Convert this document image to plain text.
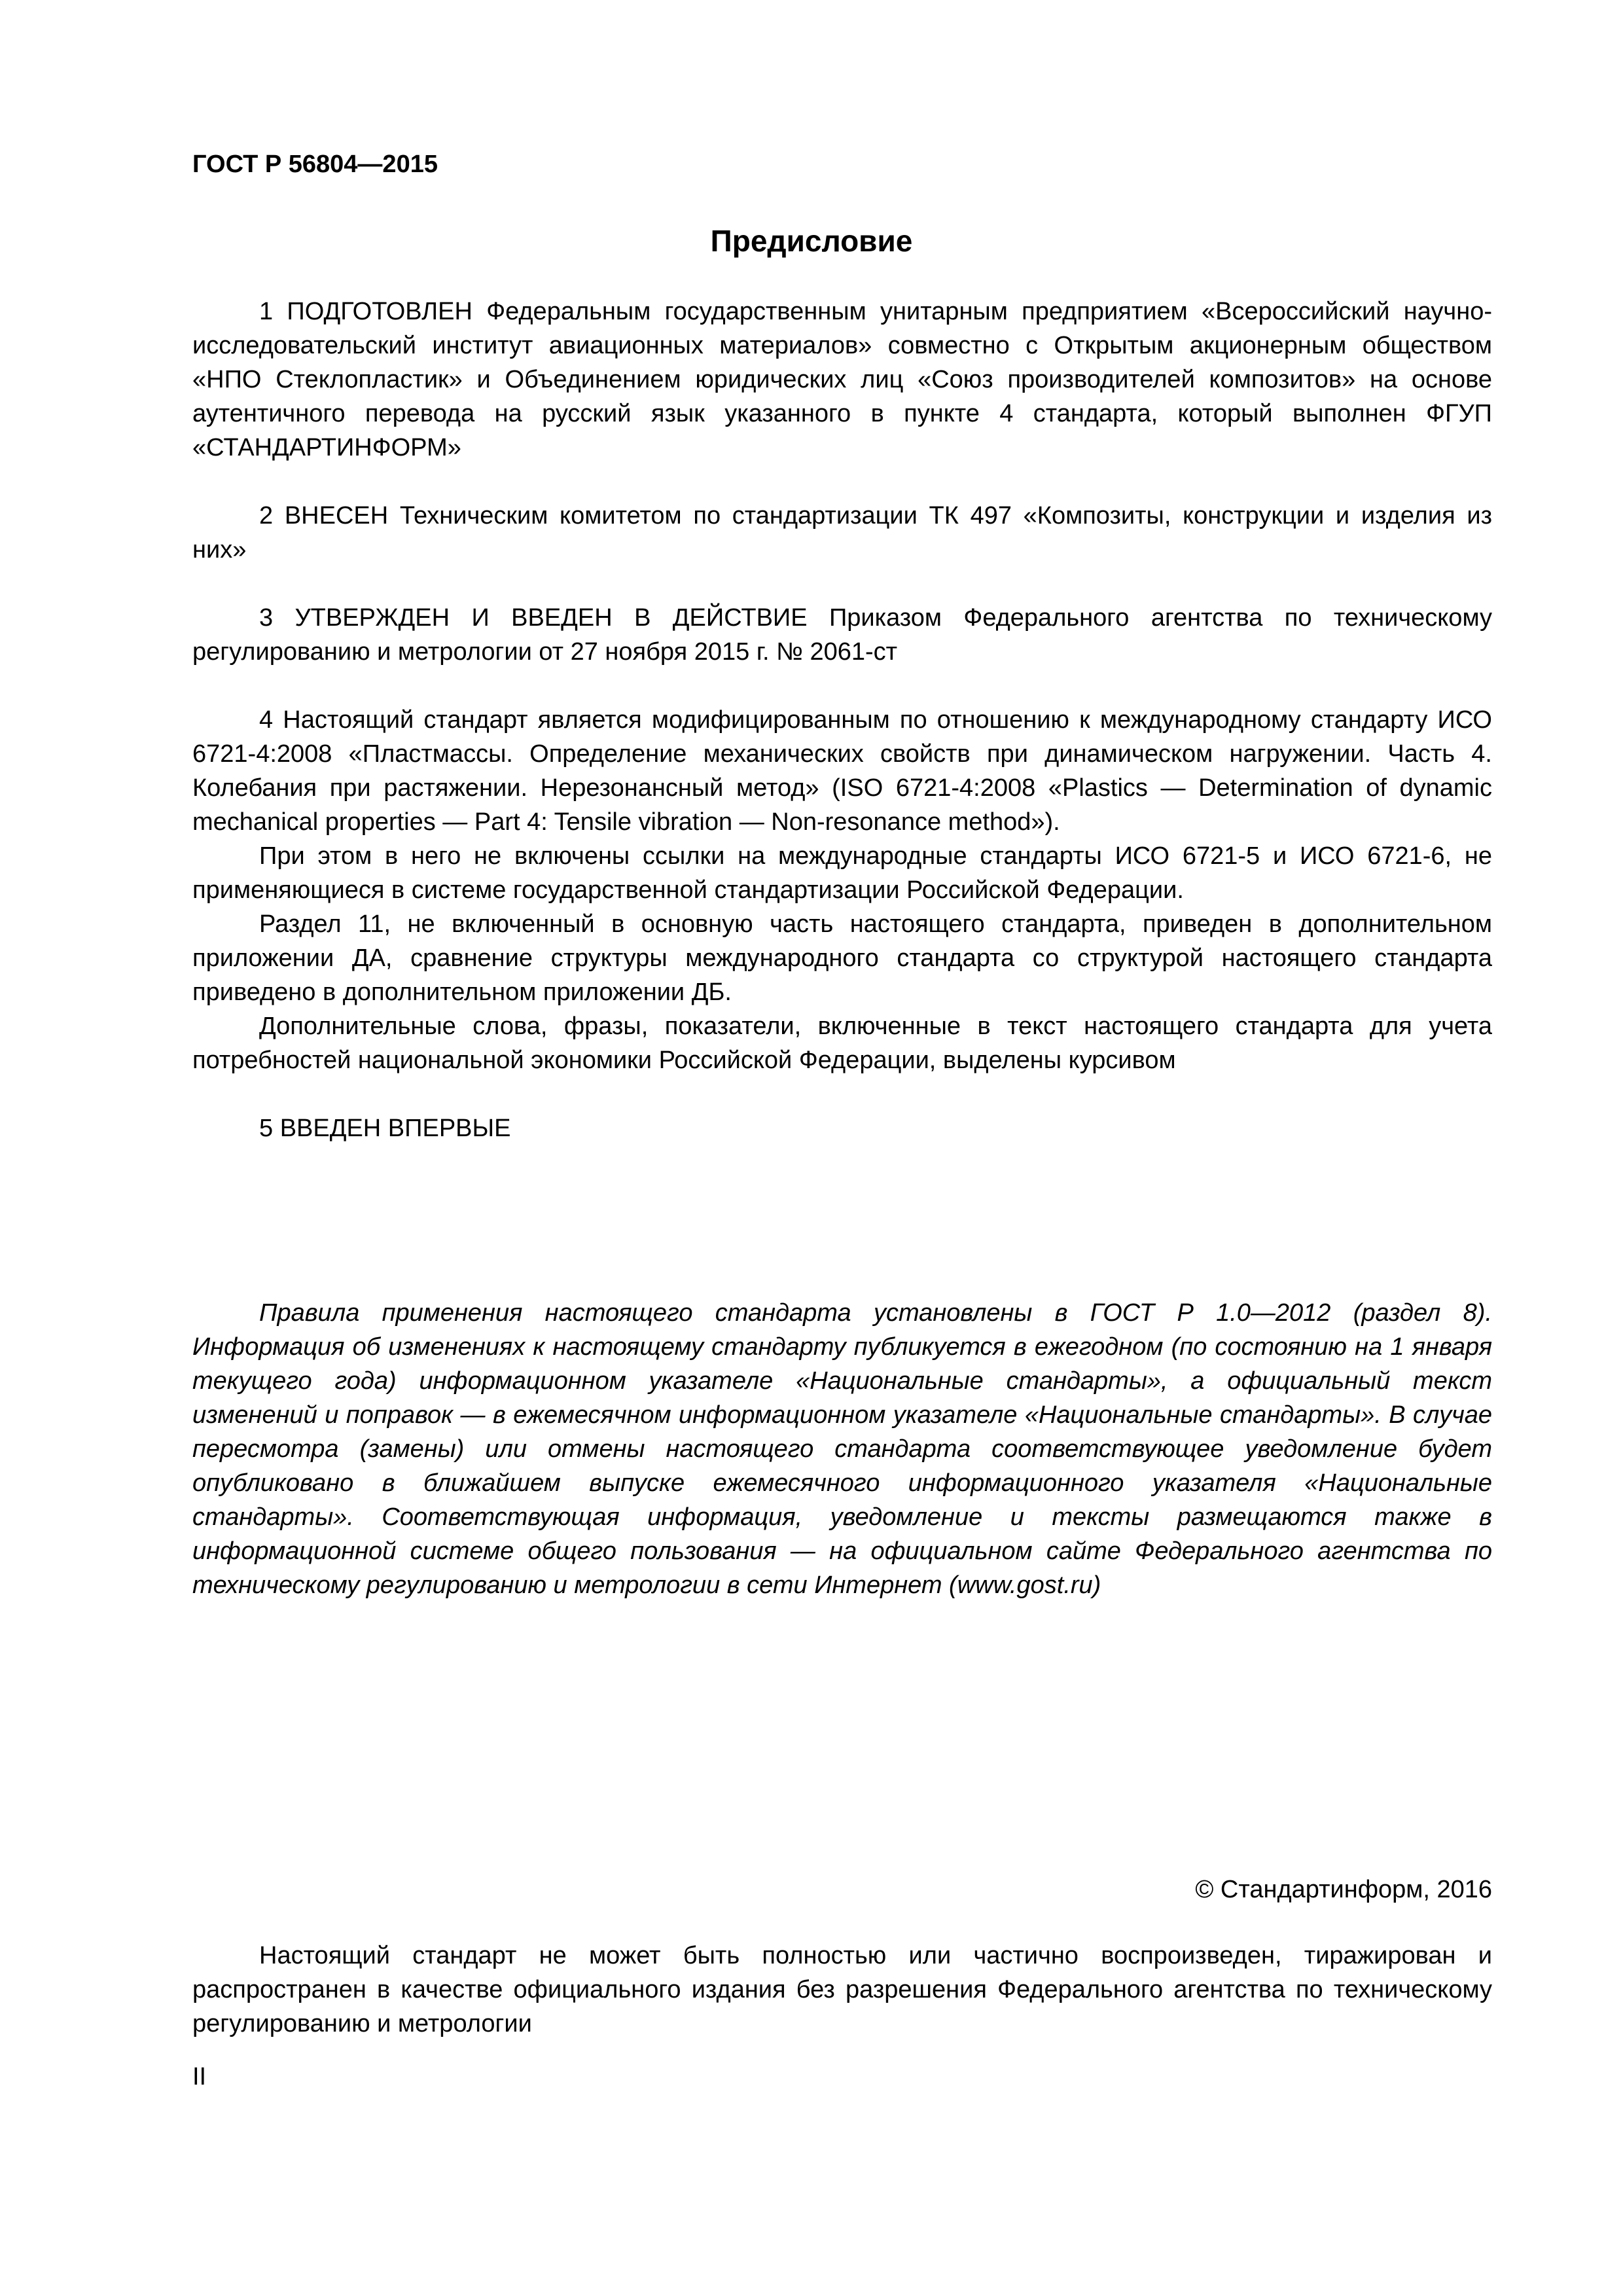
ГОСТ Р 56804—2015
Предисловие

1 ПОДГОТОВЛЕН Федеральным государственным унитарным предприятием «Всероссийский научно-исследовательский институт авиационных материалов» совместно с Открытым акционерным обществом «НПО Стеклопластик» и Объединением юридических лиц «Союз производителей композитов» на основе аутентичного перевода на русский язык указанного в пункте 4 стандарта, который выполнен ФГУП «СТАНДАРТИНФОРМ»

2 ВНЕСЕН Техническим комитетом по стандартизации ТК 497 «Композиты, конструкции и изделия из них»

3 УТВЕРЖДЕН И ВВЕДЕН В ДЕЙСТВИЕ Приказом Федерального агентства по техническому регулированию и метрологии от 27 ноября 2015 г. № 2061-ст

4 Настоящий стандарт является модифицированным по отношению к международному стандарту ИСО 6721-4:2008 «Пластмассы. Определение механических свойств при динамическом нагружении. Часть 4. Колебания при растяжении. Нерезонансный метод» (ISO 6721-4:2008 «Plastics — Determination of dynamic mechanical properties — Part 4: Tensile vibration — Non-resonance method»).

При этом в него не включены ссылки на международные стандарты ИСО 6721-5 и ИСО 6721-6, не применяющиеся в системе государственной стандартизации Российской Федерации.

Раздел 11, не включенный в основную часть настоящего стандарта, приведен в дополнительном приложении ДА, сравнение структуры международного стандарта со структурой настоящего стандарта приведено в дополнительном приложении ДБ.

Дополнительные слова, фразы, показатели, включенные в текст настоящего стандарта для учета потребностей национальной экономики Российской Федерации, выделены курсивом

5 ВВЕДЕН ВПЕРВЫЕ

Правила применения настоящего стандарта установлены в ГОСТ Р 1.0—2012 (раздел 8). Информация об изменениях к настоящему стандарту публикуется в ежегодном (по состоянию на 1 января текущего года) информационном указателе «Национальные стандарты», а официальный текст изменений и поправок — в ежемесячном информационном указателе «Национальные стандарты». В случае пересмотра (замены) или отмены настоящего стандарта соответствующее уведомление будет опубликовано в ближайшем выпуске ежемесячного информационного указателя «Национальные стандарты». Соответствующая информация, уведомление и тексты размещаются также в информационной системе общего пользования — на официальном сайте Федерального агентства по техническому регулированию и метрологии в сети Интернет (www.gost.ru)

© Стандартинформ, 2016

Настоящий стандарт не может быть полностью или частично воспроизведен, тиражирован и распространен в качестве официального издания без разрешения Федерального агентства по техническому регулированию и метрологии

II
